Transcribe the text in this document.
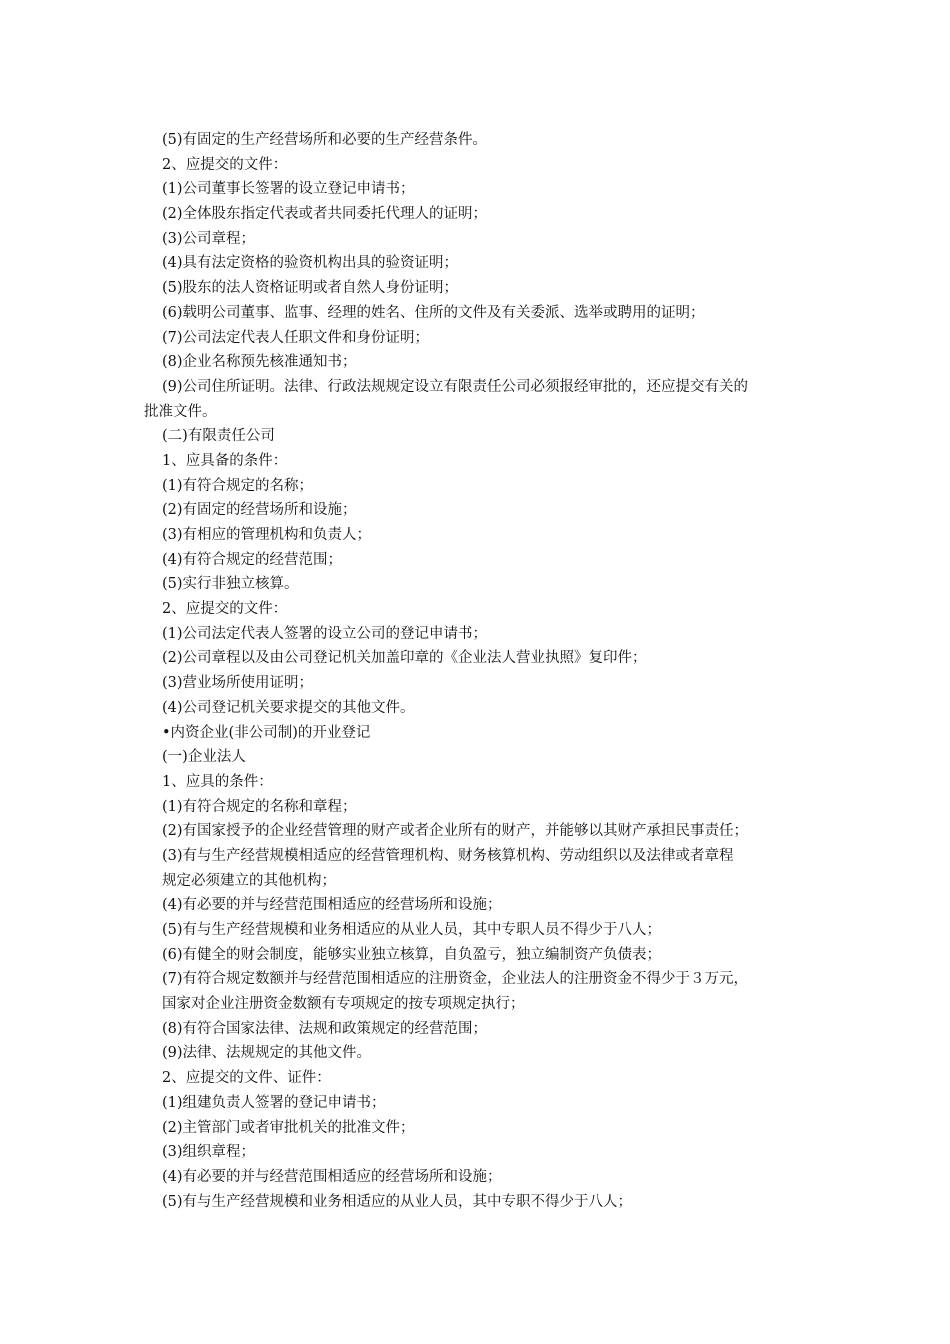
(5)有固定的生产经营场所和必要的生产经营条件。
2、应提交的文件：
(1)公司董事长签署的设立登记申请书；
(2)全体股东指定代表或者共同委托代理人的证明；
(3)公司章程；
(4)具有法定资格的验资机构出具的验资证明；
(5)股东的法人资格证明或者自然人身份证明；
(6)载明公司董事、监事、经理的姓名、住所的文件及有关委派、选举或聘用的证明；
(7)公司法定代表人任职文件和身份证明；
(8)企业名称预先核准通知书；
(9)公司住所证明。法律、行政法规规定设立有限责任公司必须报经审批的，还应提交有关的
批准文件。
(二)有限责任公司
1、应具备的条件：
(1)有符合规定的名称；
(2)有固定的经营场所和设施；
(3)有相应的管理机构和负责人；
(4)有符合规定的经营范围；
(5)实行非独立核算。
2、应提交的文件：
(1)公司法定代表人签署的设立公司的登记申请书；
(2)公司章程以及由公司登记机关加盖印章的《企业法人营业执照》复印件；
(3)营业场所使用证明；
(4)公司登记机关要求提交的其他文件。
•内资企业(非公司制)的开业登记
(一)企业法人
1、应具的条件：
(1)有符合规定的名称和章程；
(2)有国家授予的企业经营管理的财产或者企业所有的财产，并能够以其财产承担民事责任；
(3)有与生产经营规模相适应的经营管理机构、财务核算机构、劳动组织以及法律或者章程
规定必须建立的其他机构；
(4)有必要的并与经营范围相适应的经营场所和设施；
(5)有与生产经营规模和业务相适应的从业人员，其中专职人员不得少于八人；
(6)有健全的财会制度，能够实业独立核算，自负盈亏，独立编制资产负债表；
(7)有符合规定数额并与经营范围相适应的注册资金，企业法人的注册资金不得少于３万元，
国家对企业注册资金数额有专项规定的按专项规定执行；
(8)有符合国家法律、法规和政策规定的经营范围；
(9)法律、法规规定的其他文件。
2、应提交的文件、证件：
(1)组建负责人签署的登记申请书；
(2)主管部门或者审批机关的批准文件；
(3)组织章程；
(4)有必要的并与经营范围相适应的经营场所和设施；
(5)有与生产经营规模和业务相适应的从业人员，其中专职不得少于八人；
